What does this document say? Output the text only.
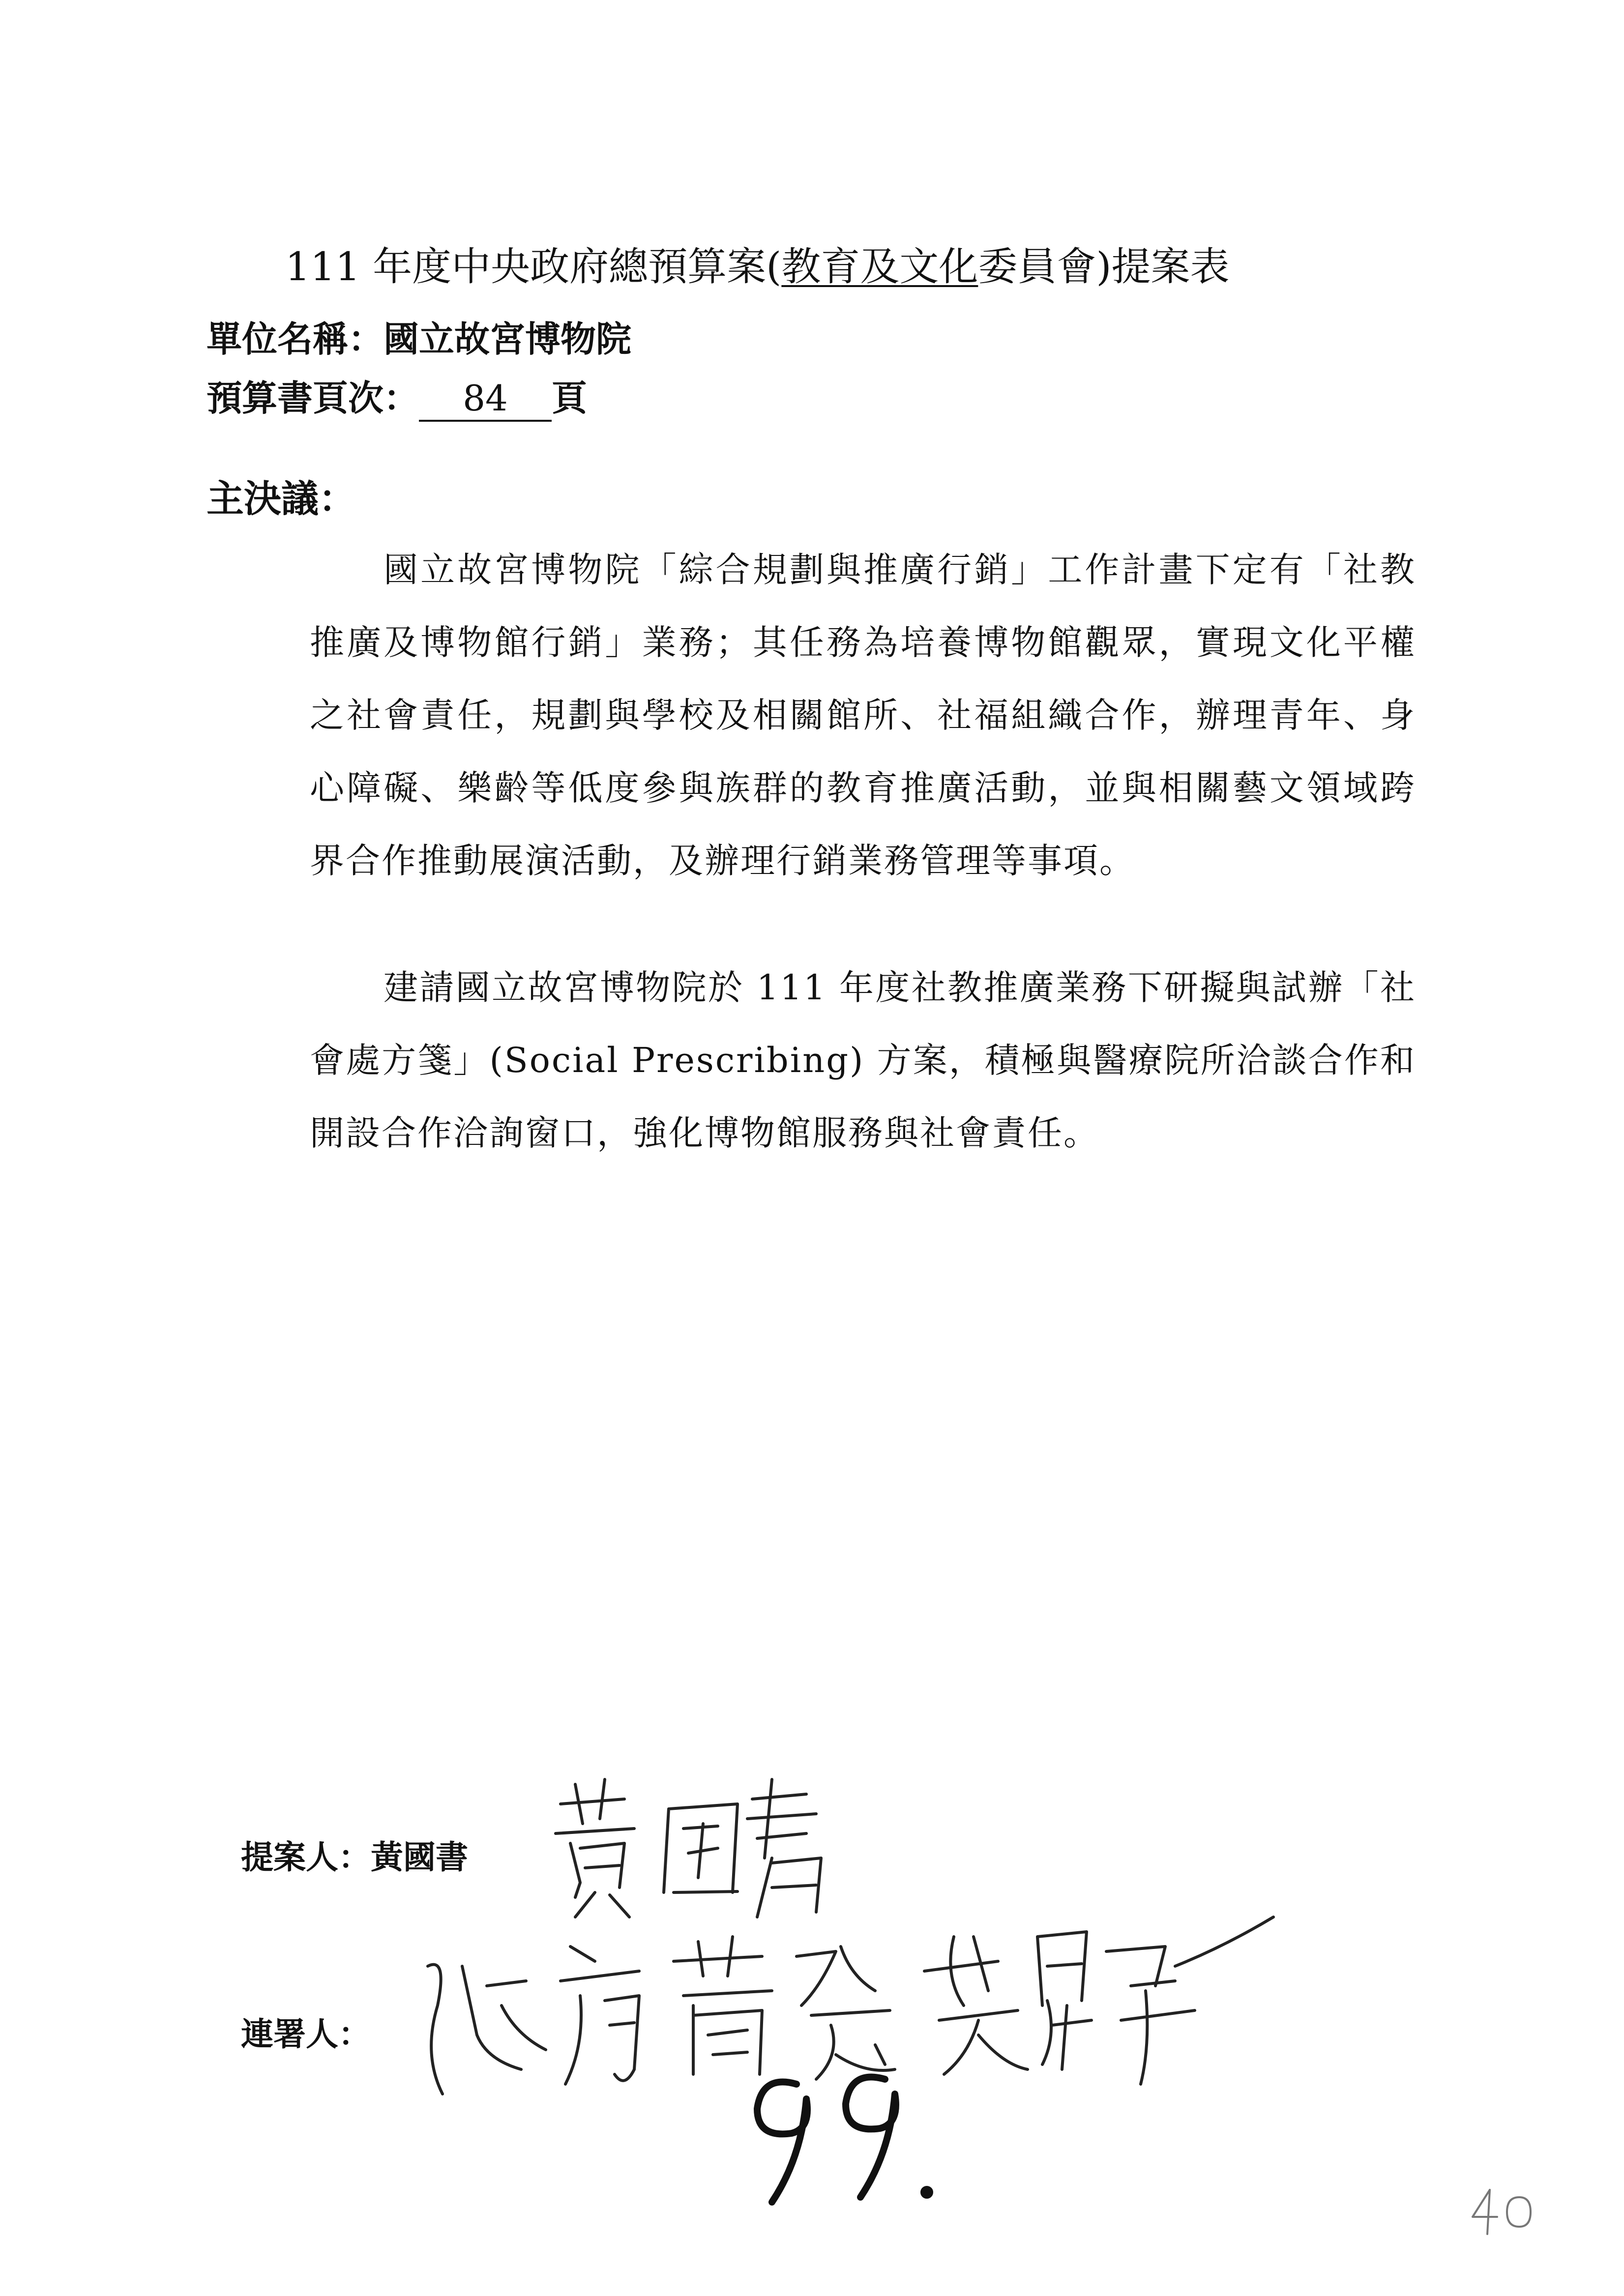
111 年度中央政府總預算案(教育及文化委員會)提案表
單位名稱：國立故宮博物院
預算書頁次： 84 頁
主決議：

國立故宮博物院「綜合規劃與推廣行銷」工作計畫下定有「社教推廣及博物館行銷」業務；其任務為培養博物館觀眾，實現文化平權之社會責任，規劃與學校及相關館所、社福組織合作，辦理青年、身心障礙、樂齡等低度參與族群的教育推廣活動，並與相關藝文領域跨界合作推動展演活動，及辦理行銷業務管理等事項。

建請國立故宮博物院於 111 年度社教推廣業務下研擬與試辦「社會處方箋」(Social Prescribing) 方案，積極與醫療院所洽談合作和開設合作洽詢窗口，強化博物館服務與社會責任。

提案人：黃國書
連署人：
